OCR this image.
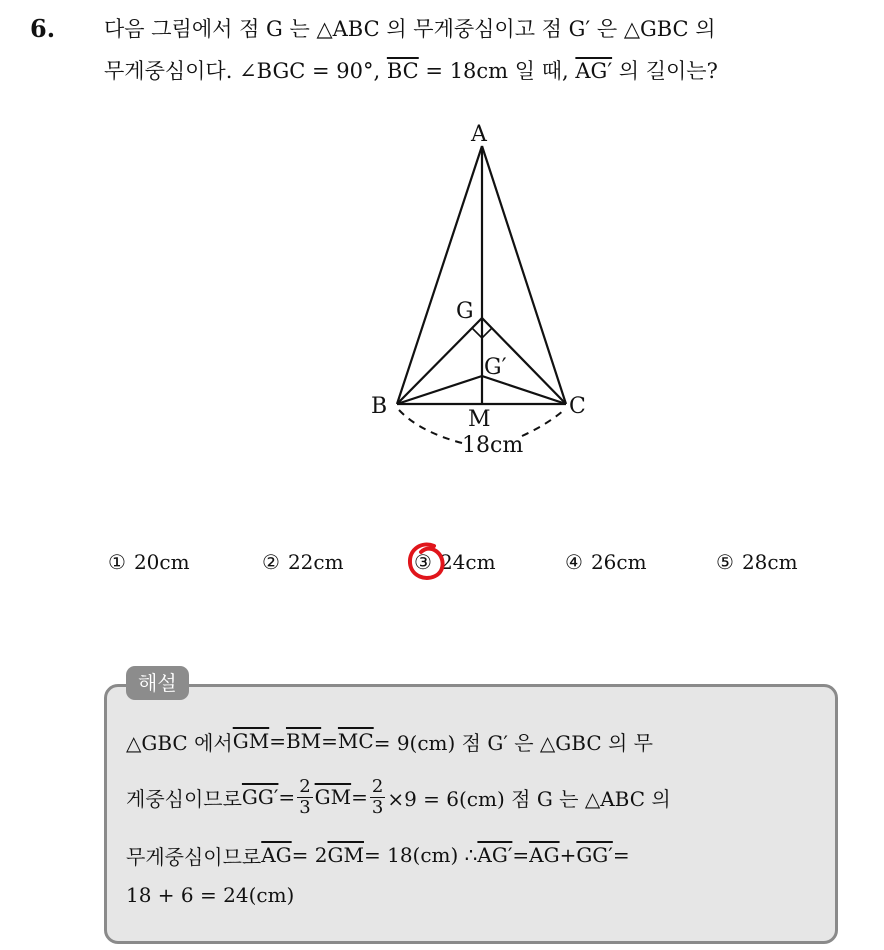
6. 다음 그림에서 점 G 는 △ABC 의 무게중심이고 점 G′ 은 △GBC 의
무게중심이다. ∠BGC = 90°, $\overline{BC} = 18cm$ 일 때, AG′ 의 길이는?
A
G
G′
B	C
M
18cm
① 20cm	② 22cm	③ 24cm	④ 26cm	⑤ 28cm
해설
△GBC 에서 $\overline{GM} = \overline{BM} = \overline{MC} = 9(cm)$ 점 G′ 은 △GBC 의 무
게중심이므로 $GG' = \frac{2}{3} \overline{GM} = \frac{2}{3} \times 9 = 6(cm)$ 점 G 는 △ABC 의
무게중심이므로 $\overline{AG} = 2$ $\overline{GM} = 18(cm)$ ∴ $AG' = \overline{AG} + GG'$ =
18 + 6 = 24(cm)
